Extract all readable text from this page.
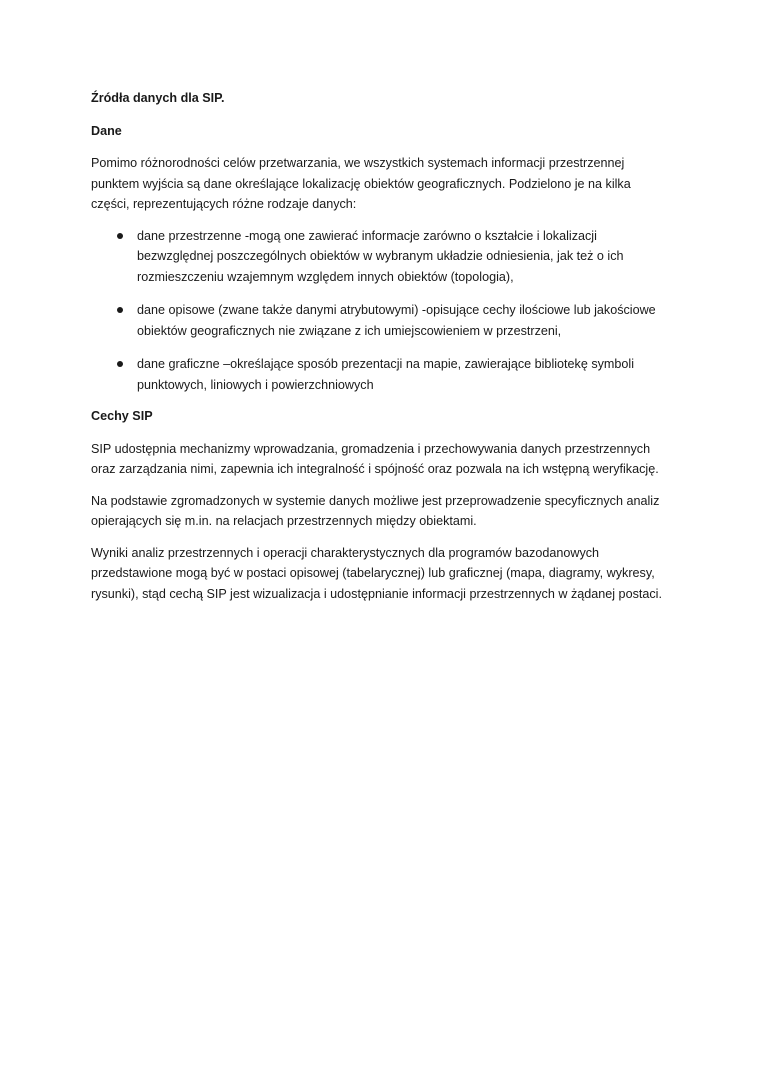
Źródła danych dla SIP.
Dane

Pomimo różnorodności celów przetwarzania, we wszystkich systemach informacji przestrzennej punktem wyjścia są dane określające lokalizację obiektów geograficznych. Podzielono je na kilka części, reprezentujących różne rodzaje danych:

dane przestrzenne -mogą one zawierać informacje zarówno o kształcie i lokalizacji bezwzględnej poszczególnych obiektów w wybranym układzie odniesienia, jak też o ich rozmieszczeniu wzajemnym względem innych obiektów (topologia),
dane opisowe (zwane także danymi atrybutowymi) -opisujące cechy ilościowe lub jakościowe obiektów geograficznych nie związane z ich umiejscowieniem w przestrzeni,
dane graficzne –określające sposób prezentacji na mapie, zawierające bibliotekę symboli punktowych, liniowych i powierzchniowych
Cechy SIP

SIP udostępnia mechanizmy wprowadzania, gromadzenia i przechowywania danych przestrzennych oraz zarządzania nimi, zapewnia ich integralność i spójność oraz pozwala na ich wstępną weryfikację.

Na podstawie zgromadzonych w systemie danych możliwe jest przeprowadzenie specyficznych analiz opierających się m.in. na relacjach przestrzennych między obiektami.

Wyniki analiz przestrzennych i operacji charakterystycznych dla programów bazodanowych przedstawione mogą być w postaci opisowej (tabelarycznej) lub graficznej (mapa, diagramy, wykresy, rysunki), stąd cechą SIP jest wizualizacja i udostępnianie informacji przestrzennych w żądanej postaci.
